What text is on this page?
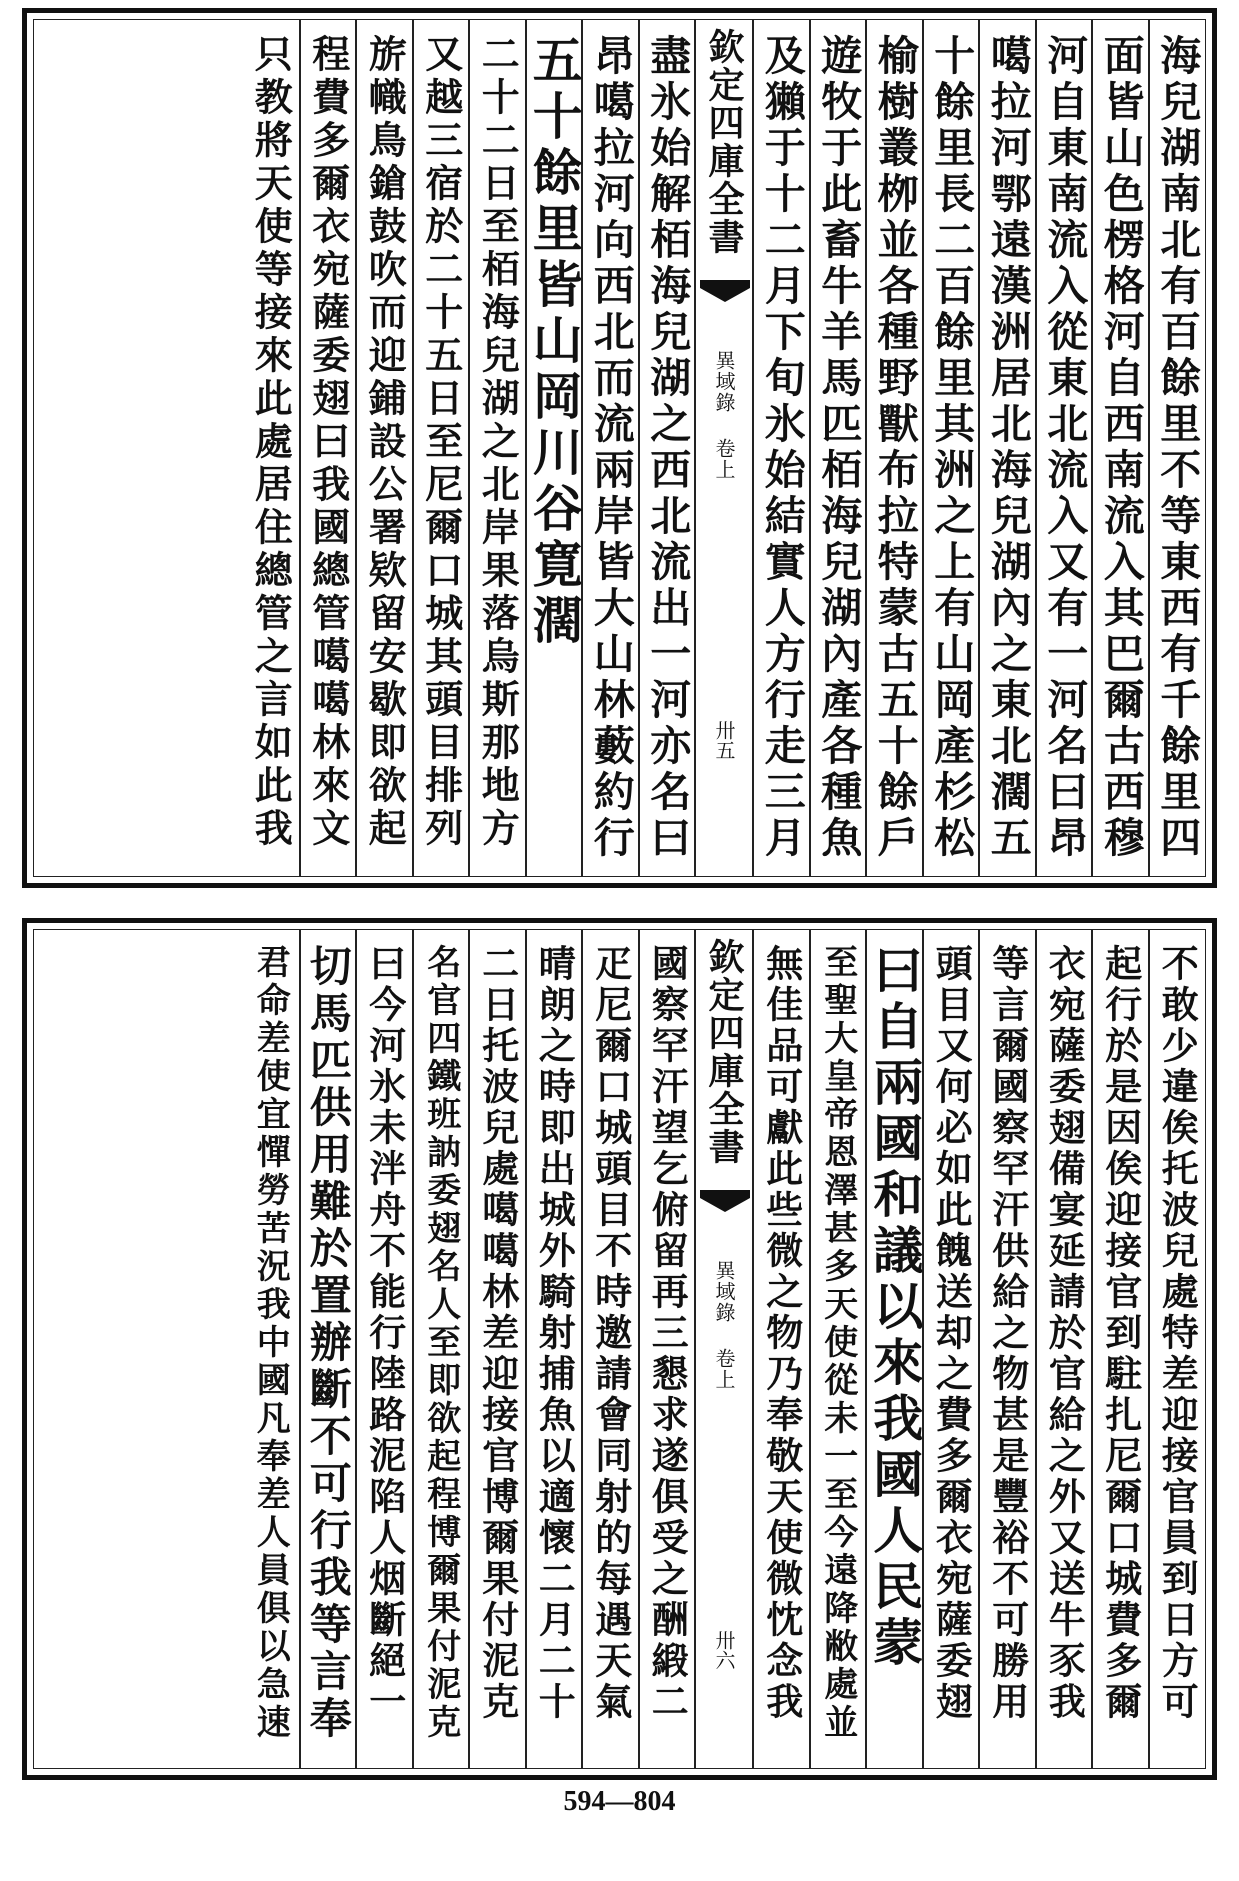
海兒湖南北有百餘里不等東西有千餘里四
面皆山色楞格河自西南流入其巴爾古西穆
河自東南流入從東北流入又有一河名曰昂
噶拉河鄂遠漢洲居北海兒湖內之東北濶五
十餘里長二百餘里其洲之上有山岡產杉松
榆樹叢栁並各種野獸布拉特蒙古五十餘戶
遊牧于此畜牛羊馬匹栢海兒湖內產各種魚
及獺于十二月下旬氷始結實人方行走三月
欽定四庫全書
異域錄 卷上
卅五
盡氷始解栢海兒湖之西北流出一河亦名曰
昂噶拉河向西北而流兩岸皆大山林藪約行
五十餘里皆山岡川谷寛濶
二十二日至栢海兒湖之北岸果落烏斯那地方
又越三宿於二十五日至尼爾口城其頭目排列
旂幟鳥鎗鼓吹而迎鋪設公署欵留安歇即欲起
程費多爾衣宛薩委翅曰我國總管噶噶林來文
只教將天使等接來此處居住總管之言如此我
不敢少違俟托波兒處特差迎接官員到日方可
起行於是因俟迎接官到駐扎尼爾口城費多爾
衣宛薩委翅備宴延請於官給之外又送牛豕我
等言爾國察罕汗供給之物甚是豐裕不可勝用
頭目又何必如此餽送却之費多爾衣宛薩委翅
曰自兩國和議以來我國人民蒙
至聖大皇帝恩澤甚多天使從未一至今遠降敝處並
無佳品可獻此些微之物乃奉敬天使微忱念我
欽定四庫全書
異域錄 卷上
卅六
國察罕汗望乞俯留再三懇求遂俱受之酬緞二
疋尼爾口城頭目不時邀請會同射的每遇天氣
晴朗之時即出城外騎射捕魚以適懷二月二十
二日托波兒處噶噶林差迎接官博爾果付泥克
名官四鐵班訥委翅名人至即欲起程博爾果付泥克
曰今河氷未泮舟不能行陸路泥陷人烟斷絕一
切馬匹供用難於置辦斷不可行我等言奉
君命差使宜憚勞苦況我中國凡奉差人員俱以急速
594—804
